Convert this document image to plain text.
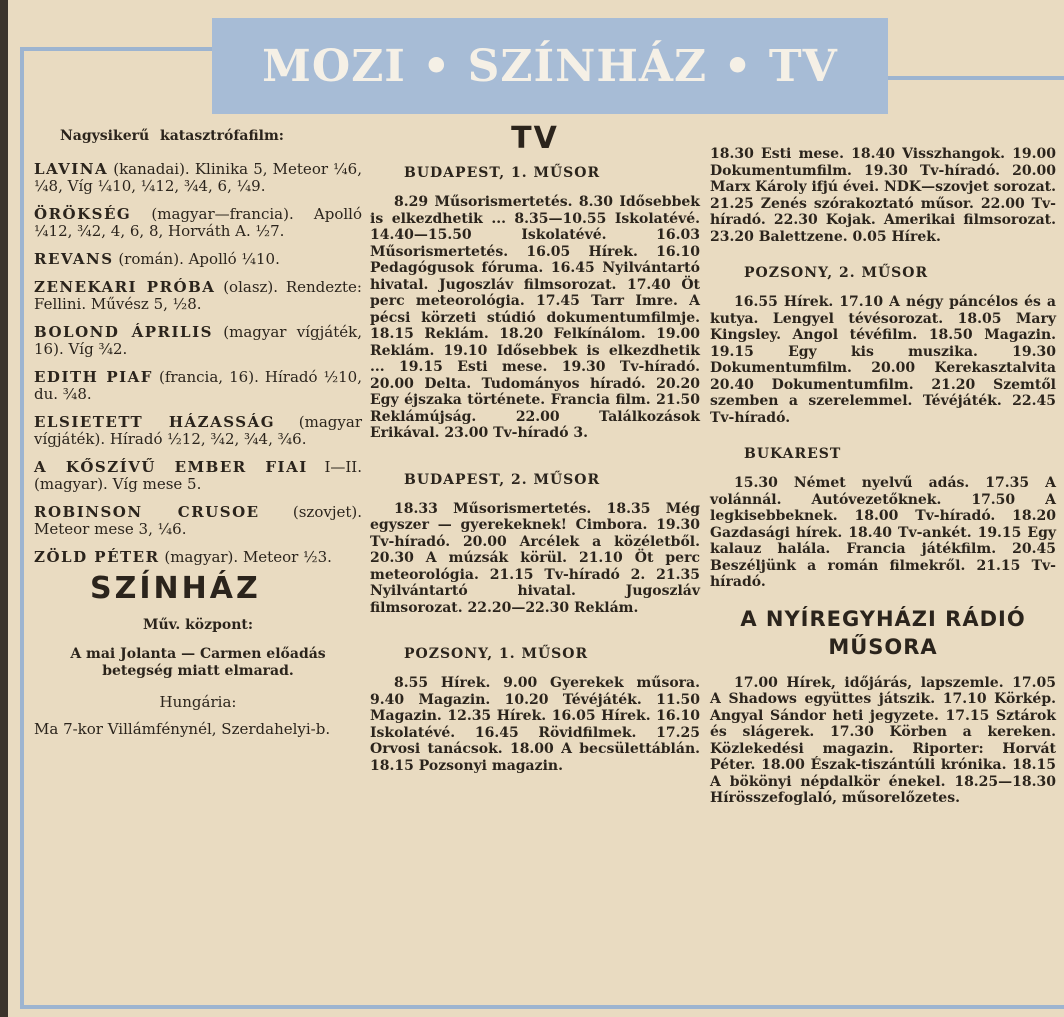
MOZI • SZÍNHÁZ • TV

Nagysikerű katasztrófafilm:

LAVINA (kanadai). Klinika 5, Meteor ¼6, ¼8, Víg ¼10, ¼12, ¾4, 6, ¼9.

ÖRÖKSÉG (magyar—francia). Apolló ¼12, ¾2, 4, 6, 8, Horváth A. ½7.

REVANS (román). Apolló ¼10.

ZENEKARI PRÓBA (olasz). Rendezte: Fellini. Művész 5, ½8.

BOLOND ÁPRILIS (magyar vígjáték, 16). Víg ¾2.

EDITH PIAF (francia, 16). Híradó ½10, du. ¾8.

ELSIETETT HÁZASSÁG (magyar vígjáték). Híradó ½12, ¾2, ¾4, ¾6.

A KŐSZÍVŰ EMBER FIAI I—II. (magyar). Víg mese 5.

ROBINSON CRUSOE (szovjet). Meteor mese 3, ¼6.

ZÖLD PÉTER (magyar). Meteor ½3.

SZÍNHÁZ

Műv. központ:

A mai Jolanta — Carmen előadás betegség miatt elmarad.

Hungária:

Ma 7-kor Villámfénynél, Szerdahelyi-b.

TV

BUDAPEST, 1. MŰSOR

8.29 Műsorismertetés. 8.30 Idősebbek is elkezdhetik ... 8.35—10.55 Iskolatévé. 14.40—15.50 Iskolatévé. 16.03 Műsorismertetés. 16.05 Hírek. 16.10 Pedagógusok fóruma. 16.45 Nyilvántartó hivatal. Jugoszláv filmsorozat. 17.40 Öt perc meteorológia. 17.45 Tarr Imre. A pécsi körzeti stúdió dokumentumfilmje. 18.15 Reklám. 18.20 Felkínálom. 19.00 Reklám. 19.10 Idősebbek is elkezdhetik ... 19.15 Esti mese. 19.30 Tv-híradó. 20.00 Delta. Tudományos híradó. 20.20 Egy éjszaka története. Francia film. 21.50 Reklámújság. 22.00 Találkozások Erikával. 23.00 Tv-híradó 3.

BUDAPEST, 2. MŰSOR

18.33 Műsorismertetés. 18.35 Még egyszer — gyerekeknek! Cimbora. 19.30 Tv-híradó. 20.00 Arcélek a közéletből. 20.30 A múzsák körül. 21.10 Öt perc meteorológia. 21.15 Tv-híradó 2. 21.35 Nyilvántartó hivatal. Jugoszláv filmsorozat. 22.20—22.30 Reklám.

POZSONY, 1. MŰSOR

8.55 Hírek. 9.00 Gyerekek műsora. 9.40 Magazin. 10.20 Tévéjáték. 11.50 Magazin. 12.35 Hírek. 16.05 Hírek. 16.10 Iskolatévé. 16.45 Rövidfilmek. 17.25 Orvosi tanácsok. 18.00 A becsülettáblán. 18.15 Pozsonyi magazin.

18.30 Esti mese. 18.40 Visszhangok. 19.00 Dokumentumfilm. 19.30 Tv-híradó. 20.00 Marx Károly ifjú évei. NDK—szovjet sorozat. 21.25 Zenés szórakoztató műsor. 22.00 Tv-híradó. 22.30 Kojak. Amerikai filmsorozat. 23.20 Balettzene. 0.05 Hírek.

POZSONY, 2. MŰSOR

16.55 Hírek. 17.10 A négy páncélos és a kutya. Lengyel tévésorozat. 18.05 Mary Kingsley. Angol tévéfilm. 18.50 Magazin. 19.15 Egy kis muszika. 19.30 Dokumentumfilm. 20.00 Kerekasztalvita 20.40 Dokumentumfilm. 21.20 Szemtől szemben a szerelemmel. Tévéjáték. 22.45 Tv-híradó.

BUKAREST

15.30 Német nyelvű adás. 17.35 A volánnál. Autóvezetőknek. 17.50 A legkisebbeknek. 18.00 Tv-híradó. 18.20 Gazdasági hírek. 18.40 Tv-ankét. 19.15 Egy kalauz halála. Francia játékfilm. 20.45 Beszéljünk a román filmekről. 21.15 Tv-híradó.

A NYÍREGYHÁZI RÁDIÓ MŰSORA

17.00 Hírek, időjárás, lapszemle. 17.05 A Shadows együttes játszik. 17.10 Körkép. Angyal Sándor heti jegyzete. 17.15 Sztárok és slágerek. 17.30 Körben a kereken. Közlekedési magazin. Riporter: Horvát Péter. 18.00 Észak-tiszántúli krónika. 18.15 A bökönyi népdalkör énekel. 18.25—18.30 Hírösszefoglaló, műsorelőzetes.
